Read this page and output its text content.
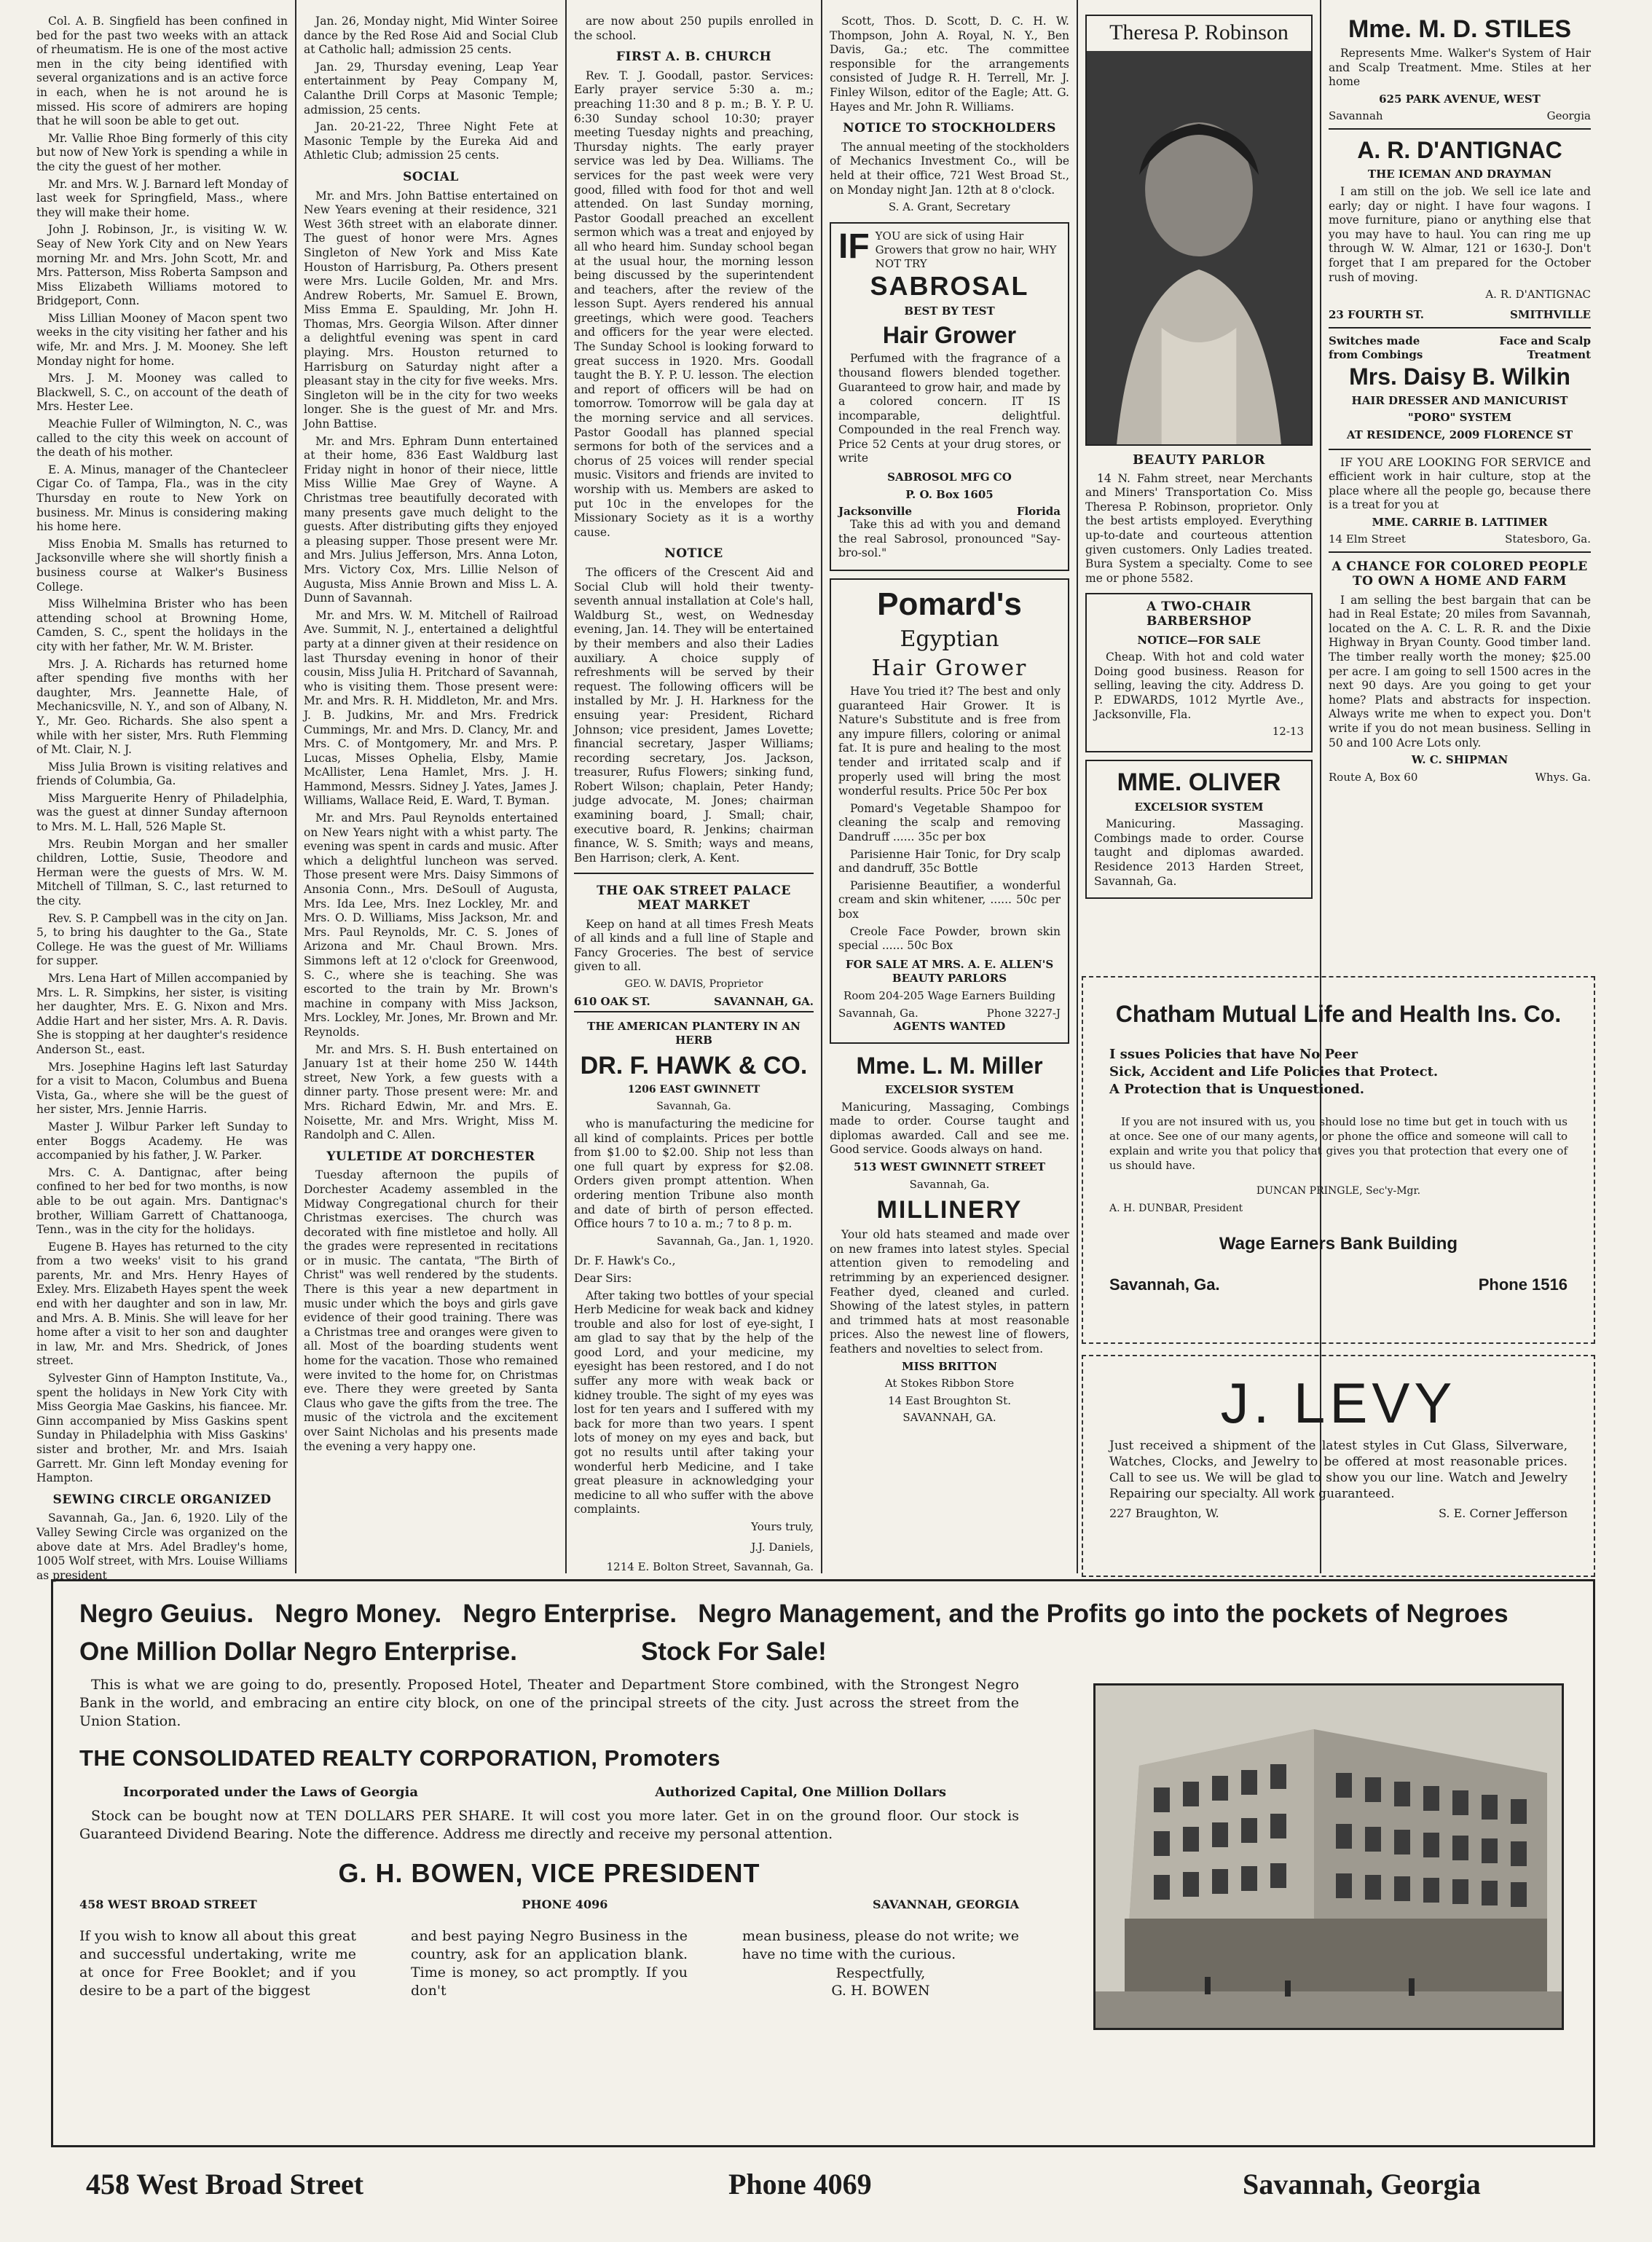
Col. A. B. Singfield has been confined in bed for the past two weeks with an attack of rheumatism. He is one of the most active men in the city being identified with several organizations and is an active force in each, when he is not around he is missed. His score of admirers are hoping that he will soon be able to get out.

Mr. Vallie Rhoe Bing formerly of this city but now of New York is spending a while in the city the guest of her mother.

Mr. and Mrs. W. J. Barnard left Monday of last week for Springfield, Mass., where they will make their home.

John J. Robinson, Jr., is visiting W. W. Seay of New York City and on New Years morning Mr. and Mrs. John Scott, Mr. and Mrs. Patterson, Miss Roberta Sampson and Miss Elizabeth Williams motored to Bridgeport, Conn.

Miss Lillian Mooney of Macon spent two weeks in the city visiting her father and his wife, Mr. and Mrs. J. M. Mooney. She left Monday night for home.

Mrs. J. M. Mooney was called to Blackwell, S. C., on account of the death of Mrs. Hester Lee.

Meachie Fuller of Wilmington, N. C., was called to the city this week on account of the death of his mother.

E. A. Minus, manager of the Chantecleer Cigar Co. of Tampa, Fla., was in the city Thursday en route to New York on business. Mr. Minus is considering making his home here.

Miss Enobia M. Smalls has returned to Jacksonville where she will shortly finish a business course at Walker's Business College.

Miss Wilhelmina Brister who has been attending school at Browning Home, Camden, S. C., spent the holidays in the city with her father, Mr. W. M. Brister.

Mrs. J. A. Richards has returned home after spending five months with her daughter, Mrs. Jeannette Hale, of Mechanicsville, N. Y., and son of Albany, N. Y., Mr. Geo. Richards. She also spent a while with her sister, Mrs. Ruth Flemming of Mt. Clair, N. J.

Miss Julia Brown is visiting relatives and friends of Columbia, Ga.

Miss Marguerite Henry of Philadelphia, was the guest at dinner Sunday afternoon to Mrs. M. L. Hall, 526 Maple St.

Mrs. Reubin Morgan and her smaller children, Lottie, Susie, Theodore and Herman were the guests of Mrs. W. M. Mitchell of Tillman, S. C., last returned to the city.

Rev. S. P. Campbell was in the city on Jan. 5, to bring his daughter to the Ga., State College. He was the guest of Mr. Williams for supper.

Mrs. Lena Hart of Millen accompanied by Mrs. L. R. Simpkins, her sister, is visiting her daughter, Mrs. E. G. Nixon and Mrs. Addie Hart and her sister, Mrs. A. R. Davis. She is stopping at her daughter's residence Anderson St., east.

Mrs. Josephine Hagins left last Saturday for a visit to Macon, Columbus and Buena Vista, Ga., where she will be the guest of her sister, Mrs. Jennie Harris.

Master J. Wilbur Parker left Sunday to enter Boggs Academy. He was accompanied by his father, J. W. Parker.

Mrs. C. A. Dantignac, after being confined to her bed for two months, is now able to be out again. Mrs. Dantignac's brother, William Garrett of Chattanooga, Tenn., was in the city for the holidays.

Eugene B. Hayes has returned to the city from a two weeks' visit to his grand parents, Mr. and Mrs. Henry Hayes of Exley. Mrs. Elizabeth Hayes spent the week end with her daughter and son in law, Mr. and Mrs. A. B. Minis. She will leave for her home after a visit to her son and daughter in law, Mr. and Mrs. Shedrick, of Jones street.

Sylvester Ginn of Hampton Institute, Va., spent the holidays in New York City with Miss Georgia Mae Gaskins, his fiancee. Mr. Ginn accompanied by Miss Gaskins spent Sunday in Philadelphia with Miss Gaskins' sister and brother, Mr. and Mrs. Isaiah Garrett. Mr. Ginn left Monday evening for Hampton.

SEWING CIRCLE ORGANIZED

Savannah, Ga., Jan. 6, 1920. Lily of the Valley Sewing Circle was organized on the above date at Mrs. Adel Bradley's home, 1005 Wolf street, with Mrs. Louise Williams as president

Jan. 26, Monday night, Mid Winter Soiree dance by the Red Rose Aid and Social Club at Catholic hall; admission 25 cents.

Jan. 29, Thursday evening, Leap Year entertainment by Peay Company M, Calanthe Drill Corps at Masonic Temple; admission, 25 cents.

Jan. 20-21-22, Three Night Fete at Masonic Temple by the Eureka Aid and Athletic Club; admission 25 cents.

SOCIAL

Mr. and Mrs. John Battise entertained on New Years evening at their residence, 321 West 36th street with an elaborate dinner. The guest of honor were Mrs. Agnes Singleton of New York and Miss Kate Houston of Harrisburg, Pa. Others present were Mrs. Lucile Golden, Mr. and Mrs. Andrew Roberts, Mr. Samuel E. Brown, Miss Emma E. Spaulding, Mr. John H. Thomas, Mrs. Georgia Wilson. After dinner a delightful evening was spent in card playing. Mrs. Houston returned to Harrisburg on Saturday night after a pleasant stay in the city for five weeks. Mrs. Singleton will be in the city for two weeks longer. She is the guest of Mr. and Mrs. John Battise.

Mr. and Mrs. Ephram Dunn entertained at their home, 836 East Waldburg last Friday night in honor of their niece, little Miss Willie Mae Grey of Wayne. A Christmas tree beautifully decorated with many presents gave much delight to the guests. After distributing gifts they enjoyed a pleasing supper. Those present were Mr. and Mrs. Julius Jefferson, Mrs. Anna Loton, Mrs. Victory Cox, Mrs. Lillie Nelson of Augusta, Miss Annie Brown and Miss L. A. Dunn of Savannah.

Mr. and Mrs. W. M. Mitchell of Railroad Ave. Summit, N. J., entertained a delightful party at a dinner given at their residence on last Thursday evening in honor of their cousin, Miss Julia H. Pritchard of Savannah, who is visiting them. Those present were: Mr. and Mrs. R. H. Middleton, Mr. and Mrs. J. B. Judkins, Mr. and Mrs. Fredrick Cummings, Mr. and Mrs. D. Clancy, Mr. and Mrs. C. of Montgomery, Mr. and Mrs. P. Lucas, Misses Ophelia, Elsby, Mamie McAllister, Lena Hamlet, Mrs. J. H. Hammond, Messrs. Sidney J. Yates, James J. Williams, Wallace Reid, E. Ward, T. Byman.

Mr. and Mrs. Paul Reynolds entertained on New Years night with a whist party. The evening was spent in cards and music. After which a delightful luncheon was served. Those present were Mrs. Daisy Simmons of Ansonia Conn., Mrs. DeSoull of Augusta, Mrs. Ida Lee, Mrs. Inez Lockley, Mr. and Mrs. O. D. Williams, Miss Jackson, Mr. and Mrs. Paul Reynolds, Mr. C. S. Jones of Arizona and Mr. Chaul Brown. Mrs. Simmons left at 12 o'clock for Greenwood, S. C., where she is teaching. She was escorted to the train by Mr. Brown's machine in company with Miss Jackson, Mrs. Lockley, Mr. Jones, Mr. Brown and Mr. Reynolds.

Mr. and Mrs. S. H. Bush entertained on January 1st at their home 250 W. 144th street, New York, a few guests with a dinner party. Those present were: Mr. and Mrs. Richard Edwin, Mr. and Mrs. E. Noisette, Mr. and Mrs. Wright, Miss M. Randolph and C. Allen.

YULETIDE AT DORCHESTER

Tuesday afternoon the pupils of Dorchester Academy assembled in the Midway Congregational church for their Christmas exercises. The church was decorated with fine mistletoe and holly. All the grades were represented in recitations or in music. The cantata, "The Birth of Christ" was well rendered by the students. There is this year a new department in music under which the boys and girls gave evidence of their good training. There was a Christmas tree and oranges were given to all. Most of the boarding students went home for the vacation. Those who remained were invited to the home for, on Christmas eve. There they were greeted by Santa Claus who gave the gifts from the tree. The music of the victrola and the excitement over Saint Nicholas and his presents made the evening a very happy one.

are now about 250 pupils enrolled in the school.

FIRST A. B. CHURCH

Rev. T. J. Goodall, pastor. Services: Early prayer service 5:30 a. m.; preaching 11:30 and 8 p. m.; B. Y. P. U. 6:30 Sunday school 10:30; prayer meeting Tuesday nights and preaching, Thursday nights. The early prayer service was led by Dea. Williams. The services for the past week were very good, filled with food for thot and well attended. On last Sunday morning, Pastor Goodall preached an excellent sermon which was a treat and enjoyed by all who heard him. Sunday school began at the usual hour, the morning lesson being discussed by the superintendent and teachers, after the review of the lesson Supt. Ayers rendered his annual greetings, which were good. Teachers and officers for the year were elected. The Sunday School is looking forward to great success in 1920. Mrs. Goodall taught the B. Y. P. U. lesson. The election and report of officers will be had on tomorrow. Tomorrow will be gala day at the morning service and all services. Pastor Goodall has planned special sermons for both of the services and a chorus of 25 voices will render special music. Visitors and friends are invited to worship with us. Members are asked to put 10c in the envelopes for the Missionary Society as it is a worthy cause.

NOTICE

The officers of the Crescent Aid and Social Club will hold their twenty-seventh annual installation at Cole's hall, Waldburg St., west, on Wednesday evening, Jan. 14. They will be entertained by their members and also their Ladies auxiliary. A choice supply of refreshments will be served by their request. The following officers will be installed by Mr. J. H. Harkness for the ensuing year: President, Richard Johnson; vice president, James Lovette; financial secretary, Jasper Williams; recording secretary, Jos. Jackson, treasurer, Rufus Flowers; sinking fund, Robert Wilson; chaplain, Peter Handy; judge advocate, M. Jones; chairman examining board, J. Small; chair, executive board, R. Jenkins; chairman finance, W. S. Smith; ways and means, Ben Harrison; clerk, A. Kent.

THE OAK STREET PALACE MEAT MARKET

Keep on hand at all times Fresh Meats of all kinds and a full line of Staple and Fancy Groceries. The best of service given to all.

GEO. W. DAVIS, Proprietor

610 OAK ST.	SAVANNAH, GA.

THE AMERICAN PLANTERY IN AN HERB

DR. F. HAWK & CO.

1206 EAST GWINNETT

Savannah, Ga.

who is manufacturing the medicine for all kind of complaints. Prices per bottle from $1.00 to $2.00. Ship not less than one full quart by express for $2.08. Orders given prompt attention. When ordering mention Tribune also month and date of birth of person effected. Office hours 7 to 10 a. m.; 7 to 8 p. m.

Savannah, Ga., Jan. 1, 1920.

Dr. F. Hawk's Co.,

Dear Sirs:

After taking two bottles of your special Herb Medicine for weak back and kidney trouble and also for lost of eye-sight, I am glad to say that by the help of the good Lord, and your medicine, my eyesight has been restored, and I do not suffer any more with weak back or kidney trouble. The sight of my eyes was lost for ten years and I suffered with my back for more than two years. I spent lots of money on my eyes and back, but got no results until after taking your wonderful herb Medicine, and I take great pleasure in acknowledging your medicine to all who suffer with the above complaints.

Yours truly,

J.J. Daniels,

1214 E. Bolton Street, Savannah, Ga.

Scott, Thos. D. Scott, D. C. H. W. Thompson, John A. Royal, N. Y., Ben Davis, Ga.; etc. The committee responsible for the arrangements consisted of Judge R. H. Terrell, Mr. J. Finley Wilson, editor of the Eagle; Att. G. Hayes and Mr. John R. Williams.

NOTICE TO STOCKHOLDERS

The annual meeting of the stockholders of Mechanics Investment Co., will be held at their office, 721 West Broad St., on Monday night Jan. 12th at 8 o'clock.

S. A. Grant, Secretary

IF YOU are sick of using Hair Growers that grow no hair, WHY NOT TRY

SABROSAL

BEST BY TEST

Hair Grower

Perfumed with the fragrance of a thousand flowers blended together. Guaranteed to grow hair, and made by a colored concern. IT IS incomparable, delightful. Compounded in the real French way. Price 52 Cents at your drug stores, or write

SABROSOL MFG CO

P. O. Box 1605

Jacksonville	Florida

Take this ad with you and demand the real Sabrosol, pronounced "Say-bro-sol."

Pomard's

Egyptian

Hair Grower

Have You tried it? The best and only guaranteed Hair Grower. It is Nature's Substitute and is free from any impure fillers, coloring or animal fat. It is pure and healing to the most tender and irritated scalp and if properly used will bring the most wonderful results. Price 50c Per box

Pomard's Vegetable Shampoo for cleaning the scalp and removing Dandruff ...... 35c per box

Parisienne Hair Tonic, for Dry scalp and dandruff, 35c Bottle

Parisienne Beautifier, a wonderful cream and skin whitener, ...... 50c per box

Creole Face Powder, brown skin special ...... 50c Box

FOR SALE AT MRS. A. E. ALLEN'S BEAUTY PARLORS

Room 204-205 Wage Earners Building

Savannah, Ga.	Phone 3227-J

AGENTS WANTED

Mme. L. M. Miller

EXCELSIOR SYSTEM

Manicuring, Massaging, Combings made to order. Course taught and diplomas awarded. Call and see me. Good service. Goods always on hand.

513 WEST GWINNETT STREET

Savannah, Ga.

MILLINERY

Your old hats steamed and made over on new frames into latest styles. Special attention given to remodeling and retrimming by an experienced designer. Feather dyed, cleaned and curled. Showing of the latest styles, in pattern and trimmed hats at most reasonable prices. Also the newest line of flowers, feathers and novelties to select from.

MISS BRITTON

At Stokes Ribbon Store

14 East Broughton St.

SAVANNAH, GA.

Theresa P. Robinson

BEAUTY PARLOR

14 N. Fahm street, near Merchants and Miners' Transportation Co. Miss Theresa P. Robinson, proprietor. Only the best artists employed. Everything up-to-date and courteous attention given customers. Only Ladies treated. Bura System a specialty. Come to see me or phone 5582.

A TWO-CHAIR BARBERSHOP

NOTICE—FOR SALE

Cheap. With hot and cold water Doing good business. Reason for selling, leaving the city. Address D. P. EDWARDS, 1012 Myrtle Ave., Jacksonville, Fla.

12-13

MME. OLIVER

EXCELSIOR SYSTEM

Manicuring. Massaging. Combings made to order. Course taught and diplomas awarded. Residence 2013 Harden Street, Savannah, Ga.

Mme. M. D. STILES

Represents Mme. Walker's System of Hair and Scalp Treatment. Mme. Stiles at her home

625 PARK AVENUE, WEST

Savannah	Georgia

A. R. D'ANTIGNAC

THE ICEMAN AND DRAYMAN

I am still on the job. We sell ice late and early; day or night. I have four wagons. I move furniture, piano or anything else that you may have to haul. You can ring me up through W. W. Almar, 121 or 1630-J. Don't forget that I am prepared for the October rush of moving.

A. R. D'ANTIGNAC

23 FOURTH ST.	SMITHVILLE
Switches made
from Combings
Face and Scalp
Treatment

Mrs. Daisy B. Wilkin

HAIR DRESSER AND MANICURIST

"PORO" SYSTEM

AT RESIDENCE, 2009 FLORENCE ST

IF YOU ARE LOOKING FOR SERVICE and efficient work in hair culture, stop at the place where all the people go, because there is a treat for you at

MME. CARRIE B. LATTIMER

14 Elm Street	Statesboro, Ga.

A CHANCE FOR COLORED PEOPLE TO OWN A HOME AND FARM

I am selling the best bargain that can be had in Real Estate; 20 miles from Savannah, located on the A. C. L. R. R. and the Dixie Highway in Bryan County. Good timber land. The timber really worth the money; $25.00 per acre. I am going to sell 1500 acres in the next 90 days. Are you going to get your home? Plats and abstracts for inspection. Always write me when to expect you. Don't write if you do not mean business. Selling in 50 and 100 Acre Lots only.

W. C. SHIPMAN

Route A, Box 60	Whys. Ga.

Chatham Mutual Life and Health Ins. Co.

I ssues Policies that have No Peer

Sick, Accident and Life Policies that Protect.

A Protection that is Unquestioned.

If you are not insured with us, you should lose no time but get in touch with us at once. See one of our many agents, or phone the office and someone will call to explain and write you that policy that gives you that protection that every one of us should have.

DUNCAN PRINGLE, Sec'y-Mgr.

A. H. DUNBAR, President

Wage Earners Bank Building

Savannah, Ga.	Phone 1516

J. LEVY

Just received a shipment of the latest styles in Cut Glass, Silverware, Watches, Clocks, and Jewelry to be offered at most reasonable prices. Call to see us. We will be glad to show you our line. Watch and Jewelry Repairing our specialty. All work guaranteed.

227 Braughton, W.	S. E. Corner Jefferson
Negro Geuius.   Negro Money.   Negro Enterprise.   Negro Management, and the Profits go into the pockets of Negroes
One Million Dollar Negro Enterprise.	Stock For Sale!

This is what we are going to do, presently. Proposed Hotel, Theater and Department Store combined, with the Strongest Negro Bank in the world, and embracing an entire city block, on one of the principal streets of the city. Just across the street from the Union Station.

THE CONSOLIDATED REALTY CORPORATION, Promoters

Incorporated under the Laws of Georgia	Authorized Capital, One Million Dollars

Stock can be bought now at TEN DOLLARS PER SHARE. It will cost you more later. Get in on the ground floor. Our stock is Guaranteed Dividend Bearing. Note the difference. Address me directly and receive my personal attention.

G. H. BOWEN, VICE PRESIDENT

458 WEST BROAD STREET	PHONE 4096	SAVANNAH, GEORGIA

If you wish to know all about this great and successful undertaking, write me at once for Free Booklet; and if you desire to be a part of the biggest

and best paying Negro Business in the country, ask for an application blank. Time is money, so act promptly. If you don't

mean business, please do not write; we have no time with the curious.

Respectfully,

G. H. BOWEN

458 West Broad Street	Phone 4069	Savannah, Georgia
